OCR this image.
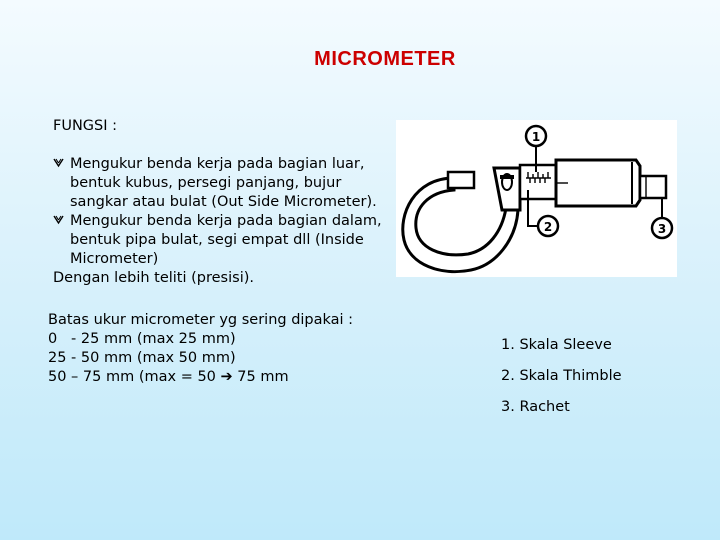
MICROMETER
FUNGSI :
Mengukur benda kerja pada bagian luar, bentuk kubus, persegi panjang, bujur sangkar atau bulat (Out Side Micrometer).
Mengukur benda kerja pada bagian dalam, bentuk pipa bulat, segi empat dll (Inside Micrometer)
Dengan lebih teliti (presisi).
Batas ukur micrometer yg sering dipakai :
0   - 25 mm (max 25 mm)
25 - 50 mm (max 50 mm)
50 – 75 mm (max = 50 ➔ 75 mm
1
2	3
1. Skala Sleeve
2. Skala Thimble
3. Rachet
